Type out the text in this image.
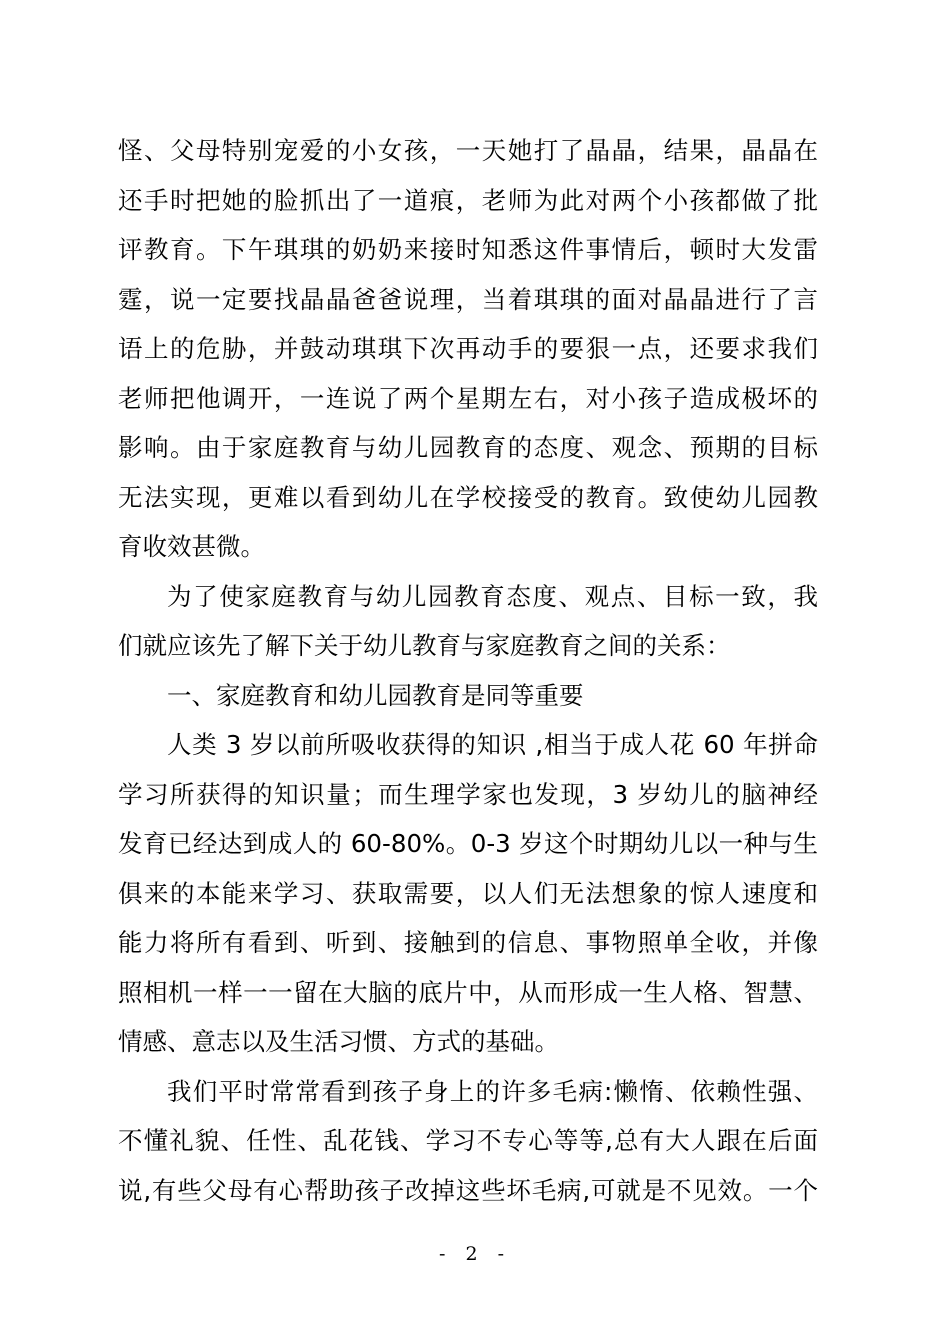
怪、父母特别宠爱的小女孩，一天她打了晶晶，结果，晶晶在
还手时把她的脸抓出了一道痕，老师为此对两个小孩都做了批
评教育。下午琪琪的奶奶来接时知悉这件事情后，顿时大发雷
霆，说一定要找晶晶爸爸说理，当着琪琪的面对晶晶进行了言
语上的危胁，并鼓动琪琪下次再动手的要狠一点，还要求我们
老师把他调开，一连说了两个星期左右，对小孩子造成极坏的
影响。由于家庭教育与幼儿园教育的态度、观念、预期的目标
无法实现，更难以看到幼儿在学校接受的教育。致使幼儿园教
育收效甚微。
为了使家庭教育与幼儿园教育态度、观点、目标一致，我
们就应该先了解下关于幼儿教育与家庭教育之间的关系：
一、家庭教育和幼儿园教育是同等重要
人类 3 岁以前所吸收获得的知识 ,相当于成人花 60 年拼命
学习所获得的知识量；而生理学家也发现，3 岁幼儿的脑神经
发育已经达到成人的 60-80%。0-3 岁这个时期幼儿以一种与生
俱来的本能来学习、获取需要，以人们无法想象的惊人速度和
能力将所有看到、听到、接触到的信息、事物照单全收，并像
照相机一样一一留在大脑的底片中，从而形成一生人格、智慧、
情感、意志以及生活习惯、方式的基础。
我们平时常常看到孩子身上的许多毛病:懒惰、依赖性强、
不懂礼貌、任性、乱花钱、学习不专心等等,总有大人跟在后面
说,有些父母有心帮助孩子改掉这些坏毛病,可就是不见效。一个
- 2 -
